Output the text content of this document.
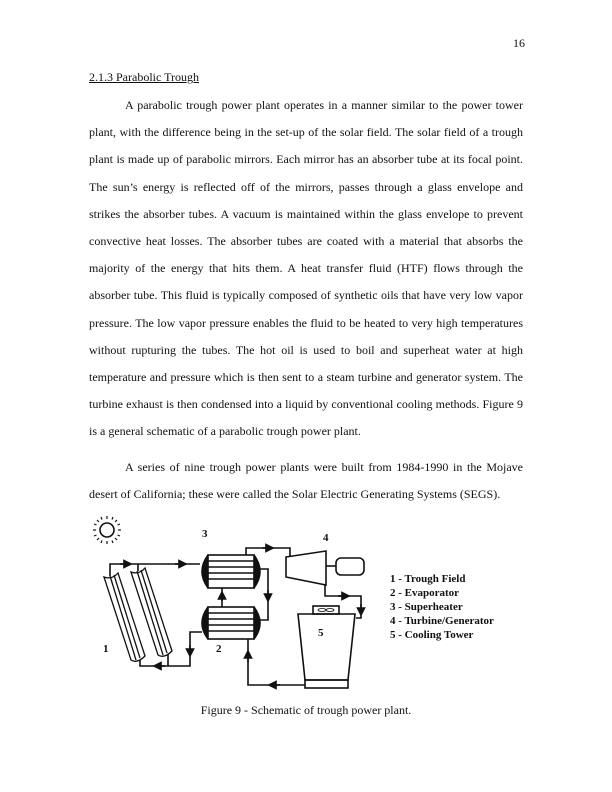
16
2.1.3 Parabolic Trough

A parabolic trough power plant operates in a manner similar to the power tower plant, with the difference being in the set-up of the solar field. The solar field of a trough plant is made up of parabolic mirrors. Each mirror has an absorber tube at its focal point. The sun’s energy is reflected off of the mirrors, passes through a glass envelope and strikes the absorber tubes. A vacuum is maintained within the glass envelope to prevent convective heat losses. The absorber tubes are coated with a material that absorbs the majority of the energy that hits them. A heat transfer fluid (HTF) flows through the absorber tube. This fluid is typically composed of synthetic oils that have very low vapor pressure. The low vapor pressure enables the fluid to be heated to very high temperatures without rupturing the tubes. The hot oil is used to boil and superheat water at high temperature and pressure which is then sent to a steam turbine and generator system. The turbine exhaust is then condensed into a liquid by conventional cooling methods. Figure 9 is a general schematic of a parabolic trough power plant.

A series of nine trough power plants were built from 1984-1990 in the Mojave desert of California; these were called the Solar Electric Generating Systems (SEGS).

1	2
3	4
5
1 - Trough Field
2 - Evaporator
3 - Superheater
4 - Turbine/Generator
5 - Cooling Tower
Figure 9 - Schematic of trough power plant.
